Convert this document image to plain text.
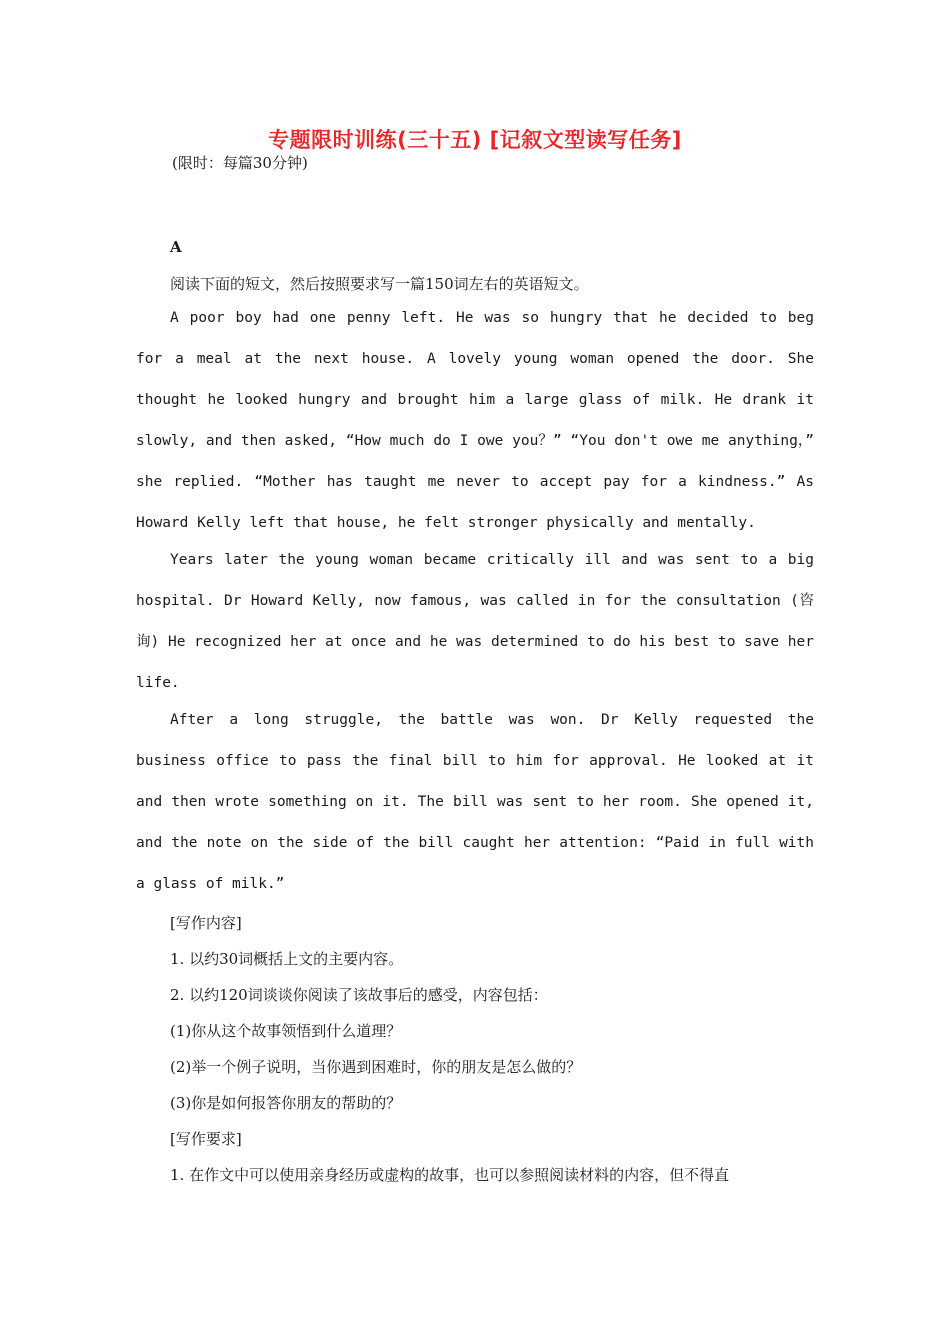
专题限时训练(三十五) [记叙文型读写任务]
(限时：每篇30分钟)
A
阅读下面的短文，然后按照要求写一篇150词左右的英语短文。

A poor boy had one penny left. He was so hungry that he decided to beg for a meal at the next house. A lovely young woman opened the door. She thought he looked hungry and brought him a large glass of milk. He drank it slowly, and then asked, “How much do I owe you？” “You don't owe me anything，” she replied. “Mother has taught me never to accept pay for a kindness.” As Howard Kelly left that house, he felt stronger physically and mentally.

Years later the young woman became critically ill and was sent to a big hospital. Dr Howard Kelly, now famous, was called in for the consultation (咨询) He recognized her at once and he was determined to do his best to save her life.

After a long struggle, the battle was won. Dr Kelly requested the business office to pass the final bill to him for approval. He looked at it and then wrote something on it. The bill was sent to her room. She opened it, and the note on the side of the bill caught her attention: “Paid in full with a glass of milk.”

[写作内容]
1. 以约30词概括上文的主要内容。
2. 以约120词谈谈你阅读了该故事后的感受，内容包括：
(1)你从这个故事领悟到什么道理？
(2)举一个例子说明，当你遇到困难时，你的朋友是怎么做的？
(3)你是如何报答你朋友的帮助的？
[写作要求]
1. 在作文中可以使用亲身经历或虚构的故事，也可以参照阅读材料的内容，但不得直
